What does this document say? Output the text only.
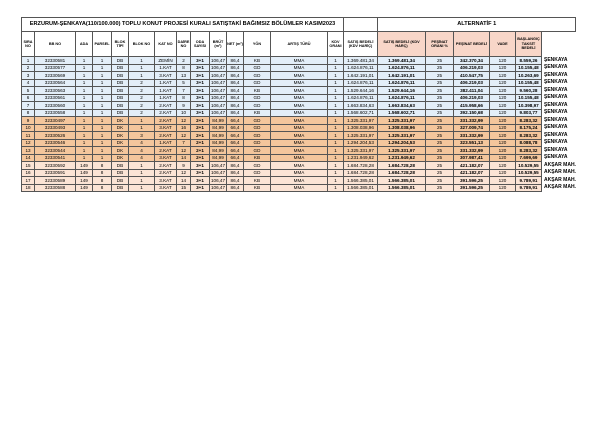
ERZURUM-ŞENKAYA(110/100.000) TOPLU KONUT PROJESİ KURALI SATIŞTAKİ BAĞIMSIZ BÖLÜMLER KASIM2023															ALTERNATİF 1					
SIRA NO	BB NO	ADA	PARSEL	BLOK TİPİ	BLOK NO	KAT NO	DAİRE NO	ODA SAYISI	BRÜT (m²)	NET (m²)	YÖN	ARTIŞ TÜRÜ	KDV ORANI	SATIŞ BEDELİ (KDV HARİÇ)	SATIŞ BEDELİ (KDV HARÇ)	PEŞİNAT ORANI %	PEŞİNAT BEDELİ	VADE	BAŞLANGIÇ TAKSİT BEDELİ	
1	32330581	1	1	DB	1	ZEMİN	2	3+1	106,47	86,4	KB	MMA	1	1.369.481,34	1.369.481,34	25	342.370,34	120	8.559,26	ŞENKAYA
2	32330577	1	1	DB	1	1.KAT	8	3+1	106,47	86,4	GD	MMA	1	1.624.876,11	1.624.876,11	25	406.219,03	120	10.155,48	ŞENKAYA
3	32330569	1	1	DB	1	3.KAT	13	3+1	106,47	86,4	GD	MMA	1	1.642.191,01	1.642.191,01	25	410.547,75	120	10.263,69	ŞENKAYA
4	32330564	1	1	DB	2	1.KAT	5	3+1	106,47	86,4	GD	MMA	1	1.624.876,11	1.624.876,11	25	406.219,03	120	10.155,48	ŞENKAYA
5	32330563	1	1	DB	2	1.KAT	7	3+1	106,47	86,4	KB	MMA	1	1.529.644,16	1.529.644,16	25	382.411,04	120	9.560,28	ŞENKAYA
6	32330561	1	1	DB	2	1.KAT	8	3+1	106,47	86,4	GD	MMA	1	1.624.876,11	1.624.876,11	25	406.219,03	120	10.155,48	ŞENKAYA
7	32330560	1	1	DB	2	2.KAT	9	3+1	106,47	86,4	GD	MMA	1	1.663.834,63	1.663.834,63	25	415.958,66	120	10.398,97	ŞENKAYA
8	32330558	1	1	DB	2	2.KAT	10	3+1	106,47	86,4	KB	MMA	1	1.568.602,71	1.568.602,71	25	392.150,68	120	9.803,77	ŞENKAYA
9	32330497	1	1	DK	1	2.KAT	12	2+1	84,99	66,4	GD	MMA	1	1.325.331,97	1.325.331,97	25	331.332,99	120	8.283,32	ŞENKAYA
10	32330493	1	1	DK	1	3.KAT	16	2+1	84,99	66,4	GD	MMA	1	1.308.038,96	1.308.038,96	25	327.009,74	120	8.175,24	ŞENKAYA
11	32330526	1	1	DK	3	2.KAT	12	2+1	84,99	66,4	GD	MMA	1	1.325.331,97	1.325.331,97	25	331.332,99	120	8.283,32	ŞENKAYA
12	32330546	1	1	DK	4	1.KAT	7	2+1	84,99	66,4	GD	MMA	1	1.294.204,53	1.294.204,53	25	323.551,13	120	8.088,78	ŞENKAYA
13	32330544	1	1	DK	4	2.KAT	12	2+1	84,99	66,4	GD	MMA	1	1.325.331,97	1.325.331,97	25	331.332,99	120	8.283,32	ŞENKAYA
14	32330541	1	1	DK	4	3.KAT	14	2+1	84,99	66,4	KB	MMA	1	1.231.949,62	1.231.949,62	25	307.987,41	120	7.699,69	ŞENKAYA
15	32330592	149	8	DB	1	2.KAT	9	3+1	106,47	86,4	GD	MMA	1	1.684.728,28	1.684.728,28	25	421.182,07	120	10.529,55	AKŞAR MAH.
16	32330591	149	8	DB	1	2.KAT	12	3+1	106,47	86,4	GD	MMA	1	1.684.728,28	1.684.728,28	25	421.182,07	120	10.529,55	AKŞAR MAH.
17	32330589	149	8	DB	1	3.KAT	14	3+1	106,47	86,4	KB	MMA	1	1.566.385,01	1.566.385,01	25	391.596,25	120	9.789,91	AKŞAR MAH.
18	32330588	149	8	DB	1	3.KAT	15	3+1	106,47	86,4	KB	MMA	1	1.566.385,01	1.566.385,01	25	391.596,25	120	9.789,91	AKŞAR MAH.
